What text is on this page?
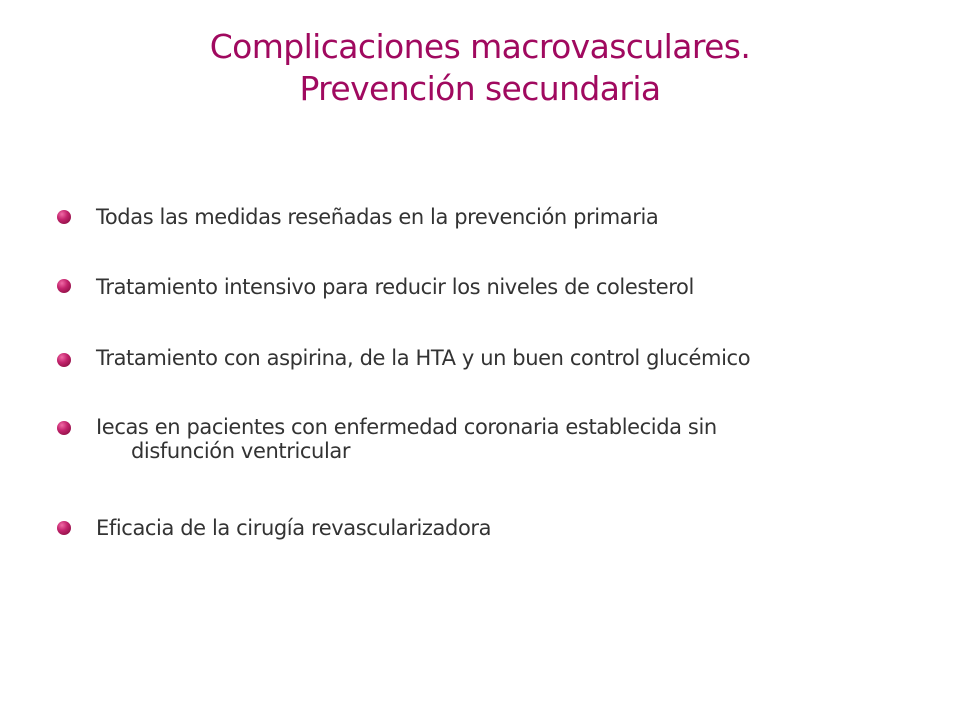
Complicaciones macrovasculares.
Prevención secundaria
Todas las medidas reseñadas en la prevención primaria
Tratamiento intensivo para reducir los niveles de colesterol
Tratamiento con aspirina, de la HTA y un buen control glucémico
Iecas en pacientes con enfermedad coronaria establecida sin
disfunción ventricular
Eficacia de la cirugía revascularizadora
